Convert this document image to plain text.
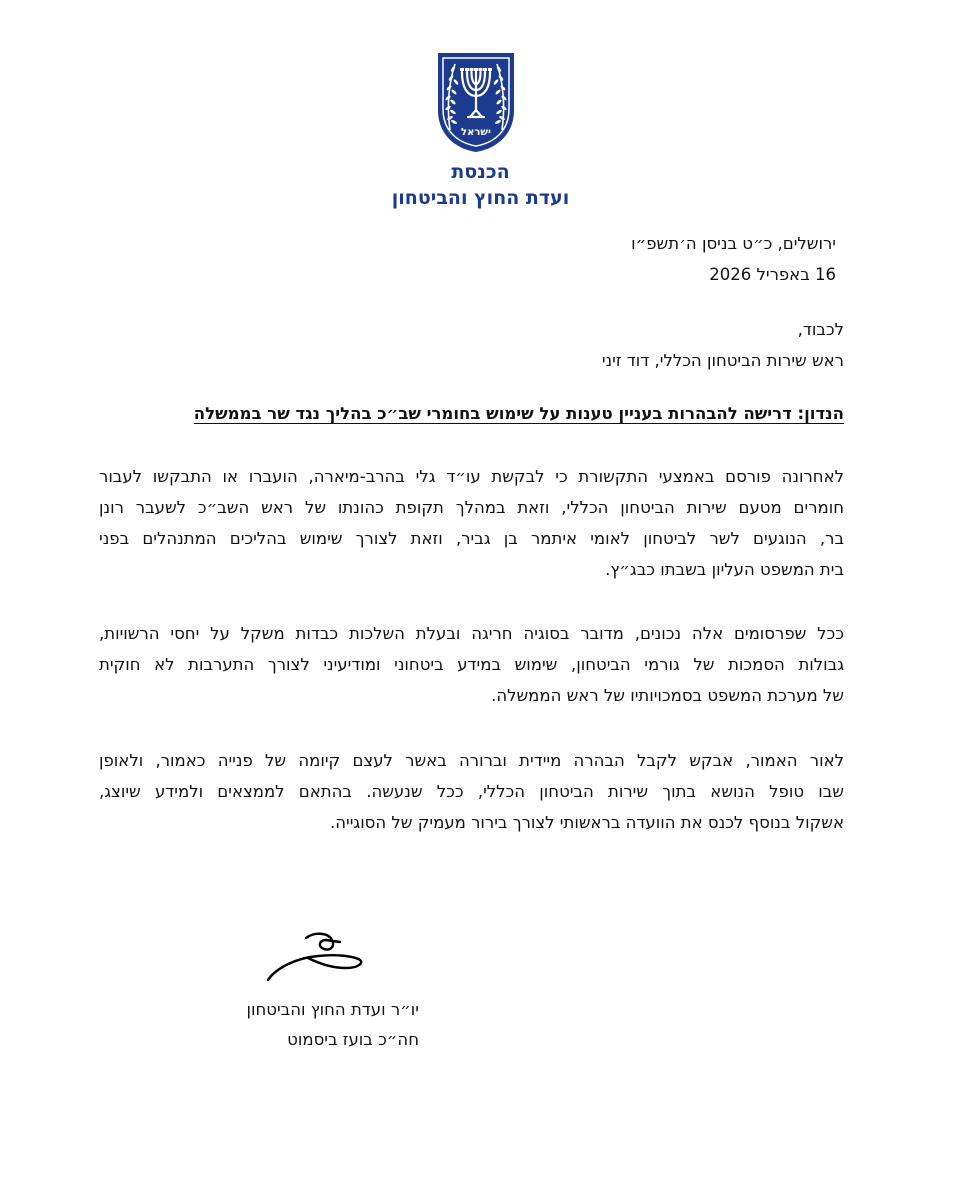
ישראל
הכנסת
ועדת החוץ והביטחון
ירושלים, כ״ט בניסן ה׳תשפ״ו
16 באפריל 2026
לכבוד,
ראש שירות הביטחון הכללי, דוד זיני
הנדון: דרישה להבהרות בעניין טענות על שימוש בחומרי שב״כ בהליך נגד שר בממשלה
לאחרונה פורסם באמצעי התקשורת כי לבקשת עו״ד גלי בהרב-מיארה, הועברו או התבקשו לעבור
חומרים מטעם שירות הביטחון הכללי, וזאת במהלך תקופת כהונתו של ראש השב״כ לשעבר רונן
בר, הנוגעים לשר לביטחון לאומי איתמר בן גביר, וזאת לצורך שימוש בהליכים המתנהלים בפני
בית המשפט העליון בשבתו כבג״ץ.
ככל שפרסומים אלה נכונים, מדובר בסוגיה חריגה ובעלת השלכות כבדות משקל על יחסי הרשויות,
גבולות הסמכות של גורמי הביטחון, שימוש במידע ביטחוני ומודיעיני לצורך התערבות לא חוקית
של מערכת המשפט בסמכויותיו של ראש הממשלה.
לאור האמור, אבקש לקבל הבהרה מיידית וברורה באשר לעצם קיומה של פנייה כאמור, ולאופן
שבו טופל הנושא בתוך שירות הביטחון הכללי, ככל שנעשה. בהתאם לממצאים ולמידע שיוצג,
אשקול בנוסף לכנס את הוועדה בראשותי לצורך בירור מעמיק של הסוגייה.
יו״ר ועדת החוץ והביטחון
חה״כ בועז ביסמוט
